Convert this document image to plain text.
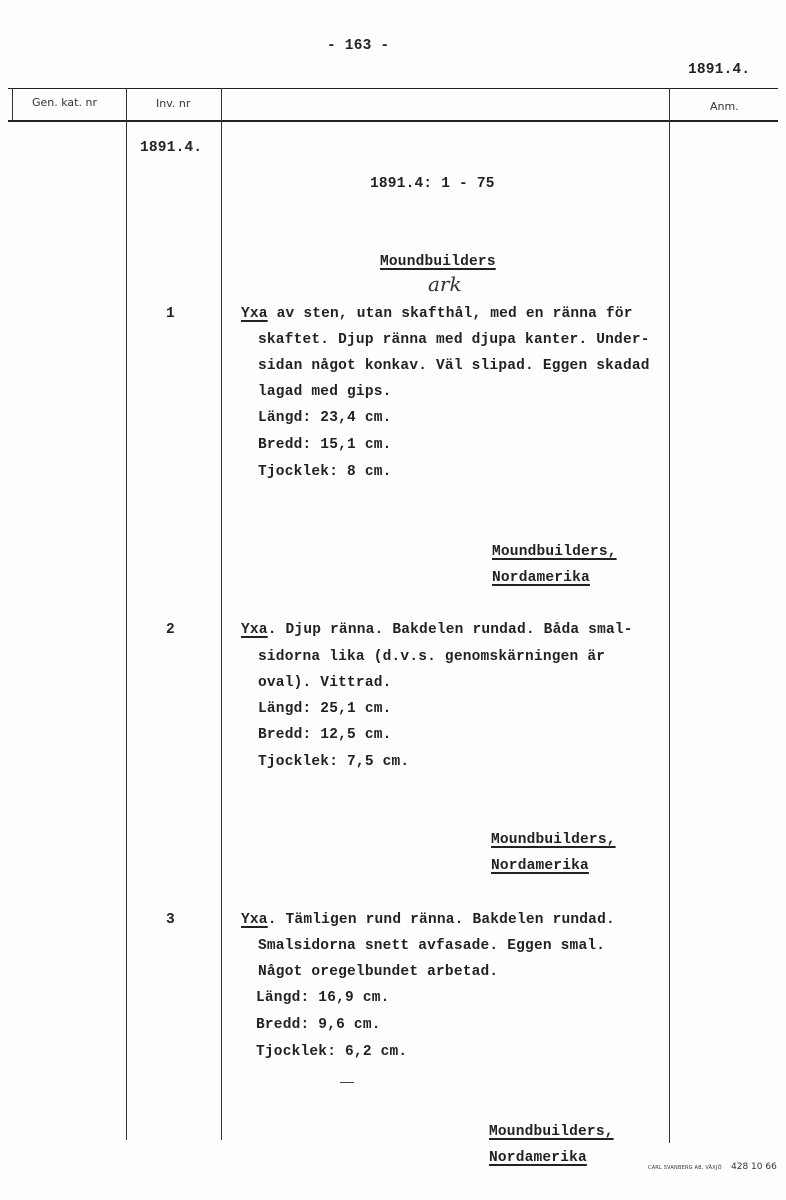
- 163 -
1891.4.
Gen. kat. nr	Inv. nr	Anm.
1891.4.
1891.4: 1 - 75
Moundbuilders
ark
1	Yxa av sten, utan skafthål, med en ränna för
skaftet. Djup ränna med djupa kanter. Under-
sidan något konkav. Väl slipad. Eggen skadad
lagad med gips.
Längd: 23,4 cm.
Bredd: 15,1 cm.
Tjocklek: 8 cm.
Moundbuilders,
Nordamerika
2	Yxa. Djup ränna. Bakdelen rundad. Båda smal-
sidorna lika (d.v.s. genomskärningen är
oval). Vittrad.
Längd: 25,1 cm.
Bredd: 12,5 cm.
Tjocklek: 7,5 cm.
Moundbuilders,
Nordamerika
3	Yxa. Tämligen rund ränna. Bakdelen rundad.
Smalsidorna snett avfasade. Eggen smal.
Något oregelbundet arbetad.
Längd: 16,9 cm.
Bredd: 9,6 cm.
Tjocklek: 6,2 cm.
Moundbuilders,
Nordamerika
CARL SVANBERG AB, VÄXJÖ 428 10 66
